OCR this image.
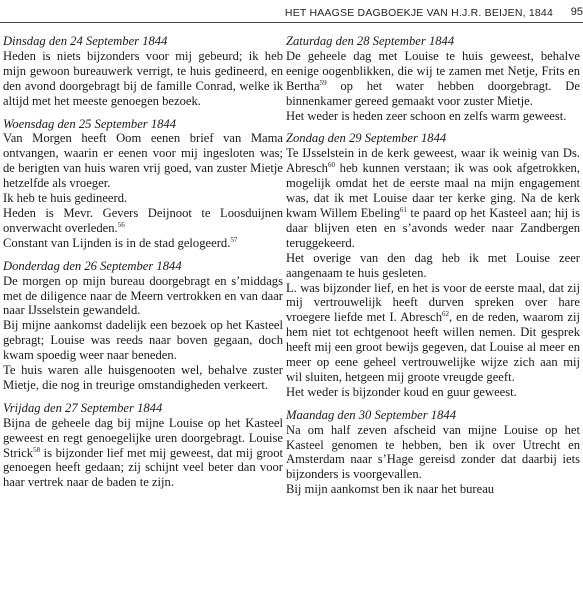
HET HAAGSE DAGBOEKJE VAN H.J.R. BEIJEN, 1844 95

Dinsdag den 24 September 1844

Heden is niets bijzonders voor mij gebeurd; ik heb mijn gewoon bureauwerk verrigt, te huis gedineerd, en den avond doorgebragt bij de famille Conrad, welke ik altijd met het meeste genoegen bezoek.

Woensdag den 25 September 1844

Van Morgen heeft Oom eenen brief van Mama ontvangen, waarin er eenen voor mij ingesloten was; de berigten van huis waren vrij goed, van zuster Mietje hetzelfde als vroeger.

Ik heb te huis gedineerd.

Heden is Mevr. Gevers Deijnoot te Loosduijnen onverwacht overleden.$^{56}$

Constant van Lijnden is in de stad gelogeerd.$^{57}$

Donderdag den 26 September 1844

De morgen op mijn bureau doorgebragt en s’middags met de diligence naar de Meern vertrokken en van daar naar IJsselstein gewandeld.

Bij mijne aankomst dadelijk een bezoek op het Kasteel gebragt; Louise was reeds naar boven gegaan, doch kwam spoedig weer naar beneden.

Te huis waren alle huisgenooten wel, behalve zuster Mietje, die nog in treurige omstandigheden verkeert.

Vrijdag den 27 September 1844

Bijna de geheele dag bij mijne Louise op het Kasteel geweest en regt genoegelijke uren doorgebragt. Louise Strick$^{58}$ is bijzonder lief met mij geweest, dat mij groot genoegen heeft gedaan; zij schijnt veel beter dan voor haar vertrek naar de baden te zijn.

Zaturdag den 28 September 1844

De geheele dag met Louise te huis geweest, behalve eenige oogenblikken, die wij te zamen met Netje, Frits en Bertha$^{59}$ op het water hebben doorgebragt. De binnenkamer gereed gemaakt voor zuster Mietje.

Het weder is heden zeer schoon en zelfs warm geweest.

Zondag den 29 September 1844

Te IJsselstein in de kerk geweest, waar ik weinig van Ds. Abresch$^{60}$ heb kunnen verstaan; ik was ook afgetrokken, mogelijk omdat het de eerste maal na mijn engagement was, dat ik met Louise daar ter kerke ging. Na de kerk kwam Willem Ebeling$^{61}$ te paard op het Kasteel aan; hij is daar blijven eten en s’avonds weder naar Zandbergen teruggekeerd.

Het overige van den dag heb ik met Louise zeer aangenaam te huis gesleten.

L. was bijzonder lief, en het is voor de eerste maal, dat zij mij vertrouwelijk heeft durven spreken over hare vroegere liefde met I. Abresch$^{62}$, en de reden, waarom zij hem niet tot echtgenoot heeft willen nemen. Dit gesprek heeft mij een groot bewijs gegeven, dat Louise al meer en meer op eene geheel vertrouwelijke wijze zich aan mij wil sluiten, hetgeen mij groote vreugde geeft.

Het weder is bijzonder koud en guur geweest.

Maandag den 30 September 1844

Na om half zeven afscheid van mijne Louise op het Kasteel genomen te hebben, ben ik over Utrecht en Amsterdam naar s’Hage gereisd zonder dat daarbij iets bijzonders is voorgevallen.

Bij mijn aankomst ben ik naar het bureau
